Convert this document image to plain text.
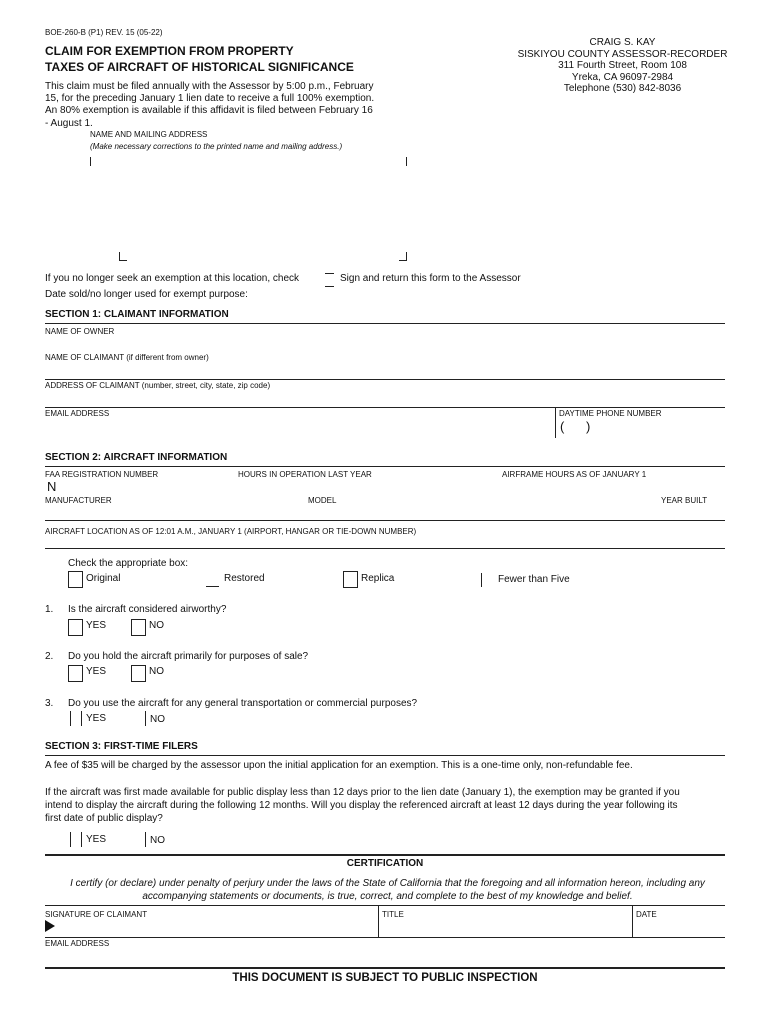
BOE-260-B (P1) REV. 15 (05-22)
CLAIM FOR EXEMPTION FROM PROPERTY
TAXES OF AIRCRAFT OF HISTORICAL SIGNIFICANCE
CRAIG S. KAY
SISKIYOU COUNTY ASSESSOR-RECORDER
311 Fourth Street, Room 108
Yreka, CA 96097-2984
Telephone (530) 842-8036
This claim must be filed annually with the Assessor by 5:00 p.m., February
15, for the preceding January 1 lien date to receive a full 100% exemption.
An 80% exemption is available if this affidavit is filed between February 16
- August 1.
NAME AND MAILING ADDRESS
(Make necessary corrections to the printed name and mailing address.)
If you no longer seek an exemption at this location, check	Sign and return this form to the Assessor
Date sold/no longer used for exempt purpose:
SECTION 1: CLAIMANT INFORMATION
NAME OF OWNER
NAME OF CLAIMANT (if different from owner)
ADDRESS OF CLAIMANT (number, street, city, state, zip code)
EMAIL ADDRESS	DAYTIME PHONE NUMBER
(      )
SECTION 2: AIRCRAFT INFORMATION
FAA REGISTRATION NUMBER
N
HOURS IN OPERATION LAST YEAR	AIRFRAME HOURS AS OF JANUARY 1
MANUFACTURER	MODEL	YEAR BUILT
AIRCRAFT LOCATION AS OF 12:01 A.M., JANUARY 1 (AIRPORT, HANGAR OR TIE-DOWN NUMBER)
Check the appropriate box:
Original	Restored	Replica	Fewer than Five
1. Is the aircraft considered airworthy?
YES	NO
2. Do you hold the aircraft primarily for purposes of sale?
YES	NO
3. Do you use the aircraft for any general transportation or commercial purposes?
YES	NO
SECTION 3: FIRST-TIME FILERS
A fee of $35 will be charged by the assessor upon the initial application for an exemption. This is a one-time only, non-refundable fee.
If the aircraft was first made available for public display less than 12 days prior to the lien date (January 1), the exemption may be granted if you
intend to display the aircraft during the following 12 months. Will you display the referenced aircraft at least 12 days during the year following its
first date of public display?
YES	NO
CERTIFICATION
I certify (or declare) under penalty of perjury under the laws of the State of California that the foregoing and all information hereon, including any
accompanying statements or documents, is true, correct, and complete to the best of my knowledge and belief.
SIGNATURE OF CLAIMANT	TITLE	DATE
EMAIL ADDRESS
THIS DOCUMENT IS SUBJECT TO PUBLIC INSPECTION
